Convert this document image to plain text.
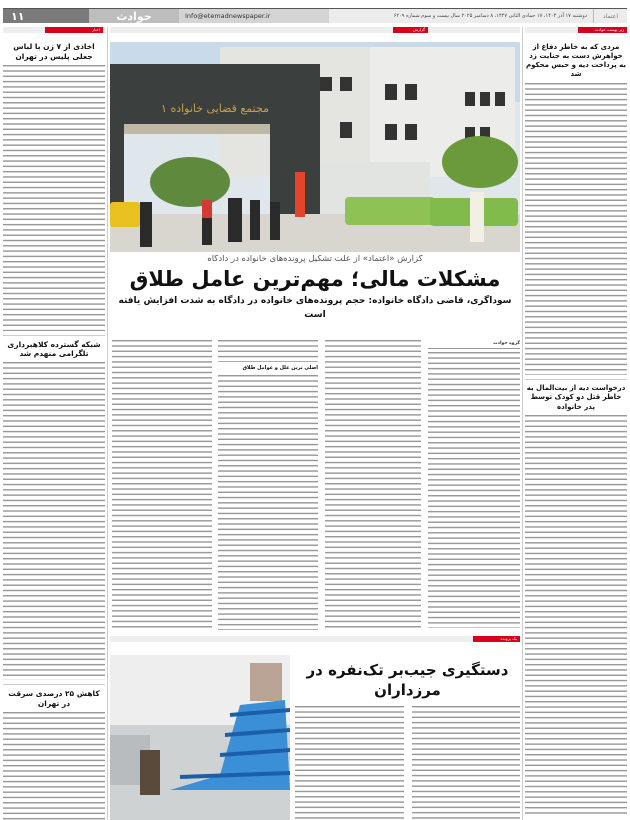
۱۱	حوادث	Info@etemadnewspaper.ir	دوشنبه ۱۷ آذر ۱۴۰۴، ۱۷ جمادی الثانی ۱۴۴۷، ۸ دسامبر ۲۰۲۵ سال بیست و سوم شماره ۶۲۰۹	اعتماد
اخبار	گزارش	زیر پوست حوادث
اخاذی از ۷ زن با لباس جعلی پلیس در تهران
شبکه گسترده کلاهبرداری تلگرامی منهدم شد
کاهش ۲۵ درصدی سرقت در تهران
مجتمع قضایی خانواده ۱
گزارش «اعتماد» از علت تشکیل پرونده‌های خانواده در دادگاه
مشکلات مالی؛ مهم‌ترین عامل طلاق
سوداگری، قاضی دادگاه خانواده: حجم پرونده‌های خانواده در دادگاه به شدت افزایش یافته است
گروه حوادث
اصلی ترین علل و عوامل طلاق
یک پرونده
دستگیری جیب‌بر تک‌نفره در مرزداران
مردی که به خاطر دفاع از خواهرش دست به جنایت زد به پرداخت دیه و حبس محکوم شد
درخواست دیه از بیت‌المال به خاطر قتل دو کودک توسط پدر خانواده
